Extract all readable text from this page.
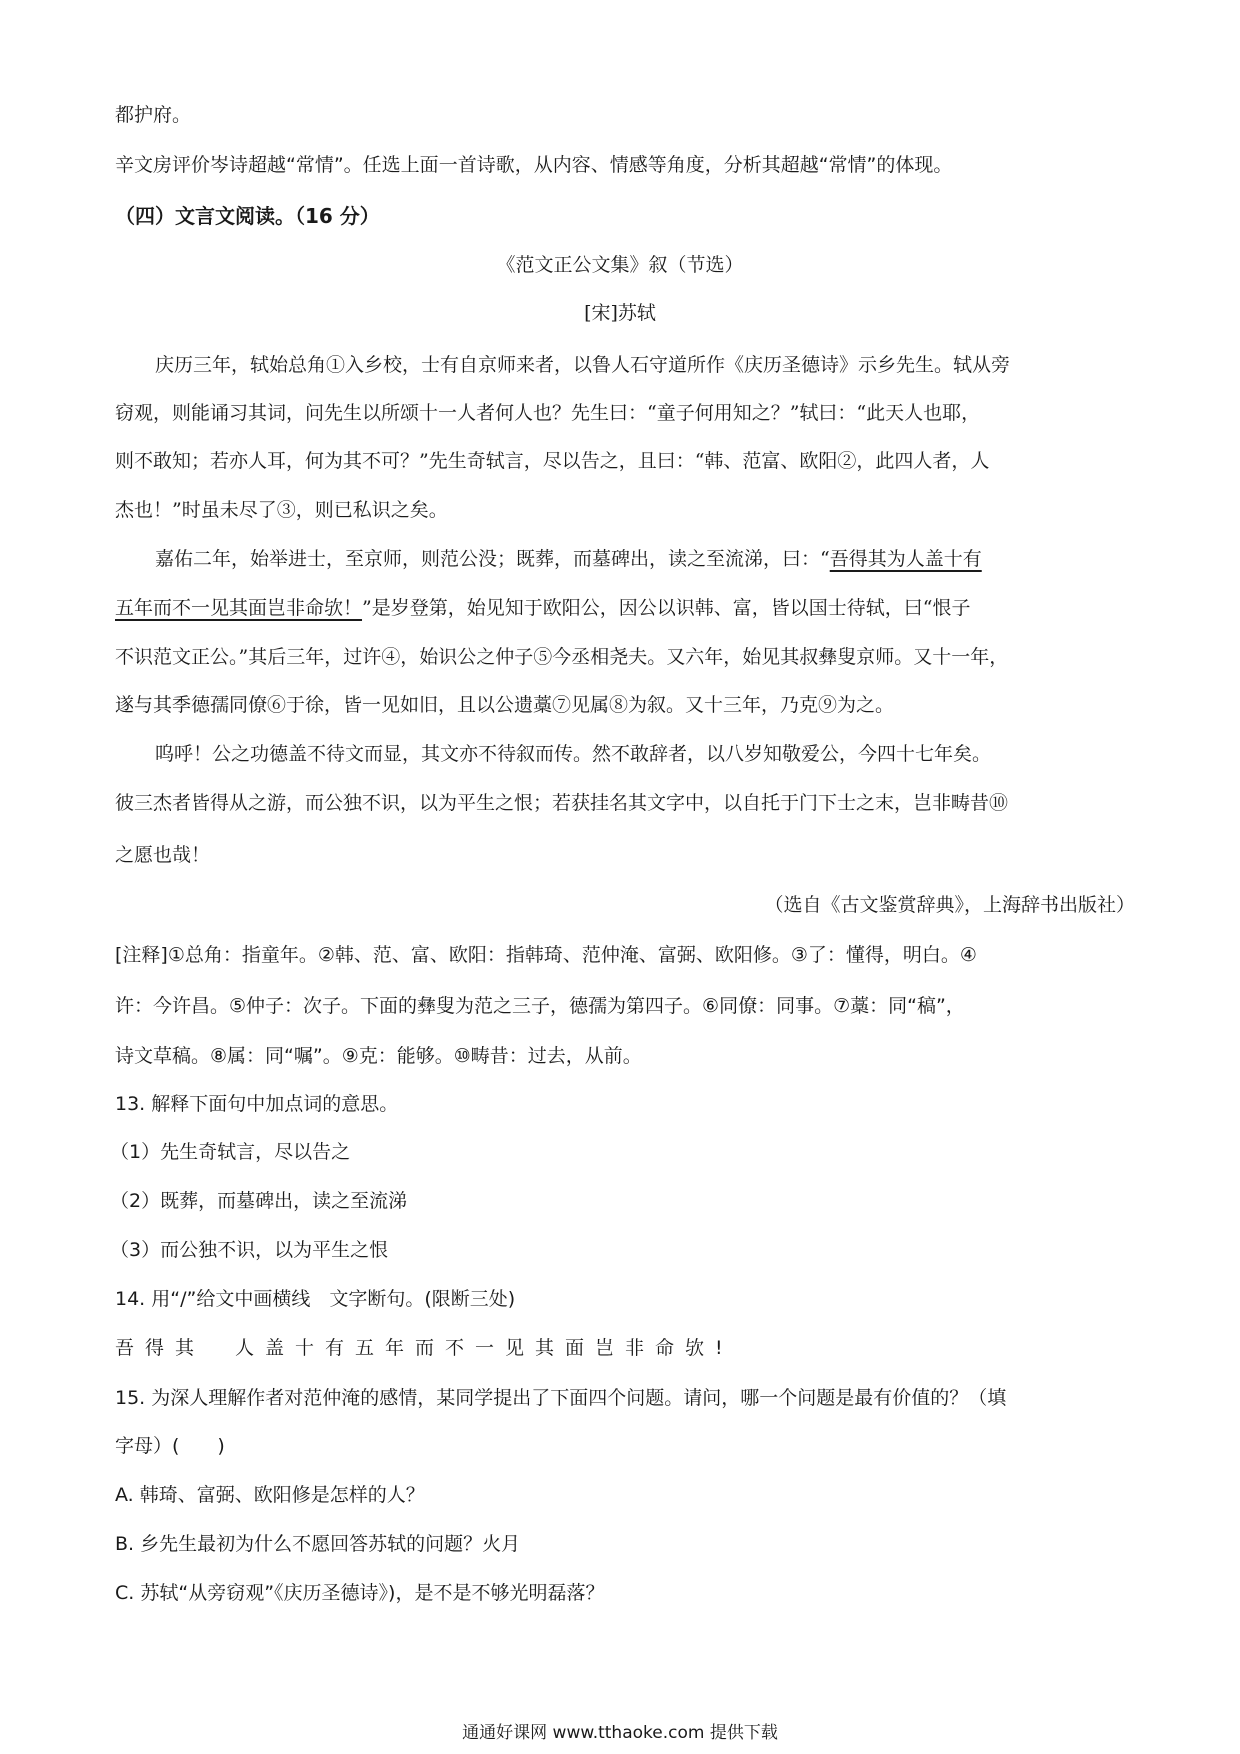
都护府。

辛文房评价岑诗超越“常情”。任选上面一首诗歌，从内容、情感等角度，分析其超越“常情”的体现。

（四）文言文阅读。（16 分）

《范文正公文集》叙（节选）

[宋]苏轼

庆历三年，轼始总角①入乡校，士有自京师来者，以鲁人石守道所作《庆历圣德诗》示乡先生。轼从旁

窃观，则能诵习其词，问先生以所颂十一人者何人也？先生曰：“童子何用知之？”轼曰：“此天人也耶，

则不敢知；若亦人耳，何为其不可？”先生奇轼言，尽以告之，且曰：“韩、范富、欧阳②，此四人者，人

杰也！”时虽未尽了③，则已私识之矣。

嘉佑二年，始举进士，至京师，则范公没；既葬，而墓碑出，读之至流涕，曰：“吾得其为人盖十有

五年而不一见其面岂非命欤！”是岁登第，始见知于欧阳公，因公以识韩、富，皆以国士待轼，曰“恨子

不识范文正公。”其后三年，过许④，始识公之仲子⑤今丞相尧夫。又六年，始见其叔彝叟京师。又十一年，

遂与其季德孺同僚⑥于徐，皆一见如旧，且以公遗藁⑦见属⑧为叙。又十三年，乃克⑨为之。

呜呼！公之功德盖不待文而显，其文亦不待叙而传。然不敢辞者，以八岁知敬爱公，今四十七年矣。

彼三杰者皆得从之游，而公独不识，以为平生之恨；若获挂名其文字中，以自托于门下士之末，岂非畴昔⑩

之愿也哉！

（选自《古文鉴赏辞典》，上海辞书出版社）

[注释]①总角：指童年。②韩、范、富、欧阳：指韩琦、范仲淹、富弼、欧阳修。③了：懂得，明白。④

许：今许昌。⑤仲子：次子。下面的彝叟为范之三子，德孺为第四子。⑥同僚：同事。⑦藁：同“稿”，

诗文草稿。⑧属：同“嘱”。⑨克：能够。⑩畴昔：过去，从前。

13. 解释下面句中加点词的意思。

（1）先生奇轼言，尽以告之

（2）既葬，而墓碑出，读之至流涕

（3）而公独不识，以为平生之恨

14. 用“/”给文中画横线　文字断句。(限断三处)

吾得其　人盖十有五年而不一见其面岂非命欤!

15. 为深人理解作者对范仲淹的感情，某同学提出了下面四个问题。请问，哪一个问题是最有价值的？（填

字母）(　　)

A. 韩琦、富弼、欧阳修是怎样的人？

B. 乡先生最初为什么不愿回答苏轼的问题？火月

C. 苏轼“从旁窃观”《庆历圣德诗》)，是不是不够光明磊落？

通通好课网 www.tthaoke.com 提供下载
